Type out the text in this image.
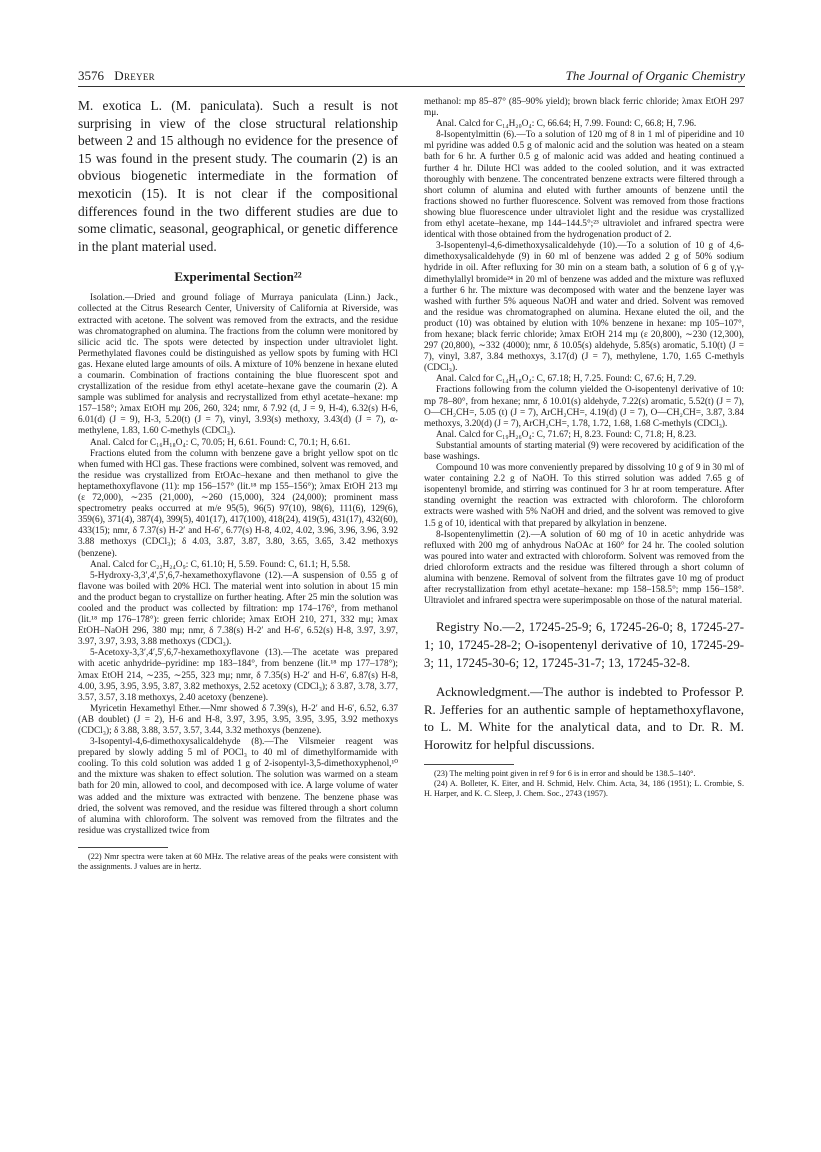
3576 Dreyer	The Journal of Organic Chemistry

M. exotica L. (M. paniculata). Such a result is not surprising in view of the close structural relationship between 2 and 15 although no evidence for the presence of 15 was found in the present study. The coumarin (2) is an obvious biogenetic intermediate in the formation of mexoticin (15). It is not clear if the compositional differences found in the two different studies are due to some climatic, seasonal, geographical, or genetic difference in the plant material used.

Experimental Section²²

Isolation.—Dried and ground foliage of Murraya paniculata (Linn.) Jack., collected at the Citrus Research Center, University of California at Riverside, was extracted with acetone. The solvent was removed from the extracts, and the residue was chromatographed on alumina. The fractions from the column were monitored by silicic acid tlc. The spots were detected by inspection under ultraviolet light. Permethylated flavones could be distinguished as yellow spots by fuming with HCl gas. Hexane eluted large amounts of oils. A mixture of 10% benzene in hexane eluted a coumarin. Combination of fractions containing the blue fluorescent spot and crystallization of the residue from ethyl acetate–hexane gave the coumarin (2). A sample was sublimed for analysis and recrystallized from ethyl acetate–hexane: mp 157–158°; λmax EtOH mμ 206, 260, 324; nmr, δ 7.92 (d, J = 9, H-4), 6.32(s) H-6, 6.01(d) (J = 9), H-3, 5.20(t) (J = 7), vinyl, 3.93(s) methoxy, 3.43(d) (J = 7), α-methylene, 1.83, 1.60 C-methyls (CDCl₃).

Anal. Calcd for C₁₆H₁₈O₄: C, 70.05; H, 6.61. Found: C, 70.1; H, 6.61.

Fractions eluted from the column with benzene gave a bright yellow spot on tlc when fumed with HCl gas. These fractions were combined, solvent was removed, and the residue was crystallized from EtOAc–hexane and then methanol to give the heptamethoxyflavone (11): mp 156–157° (lit.¹⁸ mp 155–156°); λmax EtOH 213 mμ (ε 72,000), ∼235 (21,000), ∼260 (15,000), 324 (24,000); prominent mass spectrometry peaks occurred at m/e 95(5), 96(5) 97(10), 98(6), 111(6), 129(6), 359(6), 371(4), 387(4), 399(5), 401(17), 417(100), 418(24), 419(5), 431(17), 432(60), 433(15); nmr, δ 7.37(s) H-2′ and H-6′, 6.77(s) H-8, 4.02, 4.02, 3.96, 3.96, 3.96, 3.92 3.88 methoxys (CDCl₃); δ 4.03, 3.87, 3.87, 3.80, 3.65, 3.65, 3.42 methoxys (benzene).

Anal. Calcd for C₂₂H₂₄O₉: C, 61.10; H, 5.59. Found: C, 61.1; H, 5.58.

5-Hydroxy-3,3′,4′,5′,6,7-hexamethoxyflavone (12).—A suspension of 0.55 g of flavone was boiled with 20% HCl. The material went into solution in about 15 min and the product began to crystallize on further heating. After 25 min the solution was cooled and the product was collected by filtration: mp 174–176°, from methanol (lit.¹⁸ mp 176–178°): green ferric chloride; λmax EtOH 210, 271, 332 mμ; λmax EtOH–NaOH 296, 380 mμ; nmr, δ 7.38(s) H-2′ and H-6′, 6.52(s) H-8, 3.97, 3.97, 3.97, 3.97, 3.93, 3.88 methoxys (CDCl₃).

5-Acetoxy-3,3′,4′,5′,6,7-hexamethoxyflavone (13).—The acetate was prepared with acetic anhydride–pyridine: mp 183–184°, from benzene (lit.¹⁸ mp 177–178°); λmax EtOH 214, ∼235, ∼255, 323 mμ; nmr, δ 7.35(s) H-2′ and H-6′, 6.87(s) H-8, 4.00, 3.95, 3.95, 3.95, 3.87, 3.82 methoxys, 2.52 acetoxy (CDCl₃); δ 3.87, 3.78, 3.77, 3.57, 3.57, 3.18 methoxys, 2.40 acetoxy (benzene).

Myricetin Hexamethyl Ether.—Nmr showed δ 7.39(s), H-2′ and H-6′, 6.52, 6.37 (AB doublet) (J = 2), H-6 and H-8, 3.97, 3.95, 3.95, 3.95, 3.95, 3.92 methoxys (CDCl₃); δ 3.88, 3.88, 3.57, 3.57, 3.44, 3.32 methoxys (benzene).

3-Isopentyl-4,6-dimethoxysalicaldehyde (8).—The Vilsmeier reagent was prepared by slowly adding 5 ml of POCl₃ to 40 ml of dimethylformamide with cooling. To this cold solution was added 1 g of 2-isopentyl-3,5-dimethoxyphenol,¹⁰ and the mixture was shaken to effect solution. The solution was warmed on a steam bath for 20 min, allowed to cool, and decomposed with ice. A large volume of water was added and the mixture was extracted with benzene. The benzene phase was dried, the solvent was removed, and the residue was filtered through a short column of alumina with chloroform. The solvent was removed from the filtrates and the residue was crystallized twice from

(22) Nmr spectra were taken at 60 MHz. The relative areas of the peaks were consistent with the assignments. J values are in hertz.

methanol: mp 85–87° (85–90% yield); brown black ferric chloride; λmax EtOH 297 mμ.

Anal. Calcd for C₁₄H₂₀O₄: C, 66.64; H, 7.99. Found: C, 66.8; H, 7.96.

8-Isopentylmittin (6).—To a solution of 120 mg of 8 in 1 ml of piperidine and 10 ml pyridine was added 0.5 g of malonic acid and the solution was heated on a steam bath for 6 hr. A further 0.5 g of malonic acid was added and heating continued a further 4 hr. Dilute HCl was added to the cooled solution, and it was extracted thoroughly with benzene. The concentrated benzene extracts were filtered through a short column of alumina and eluted with further amounts of benzene until the fractions showed no further fluorescence. Solvent was removed from those fractions showing blue fluorescence under ultraviolet light and the residue was crystallized from ethyl acetate–hexane, mp 144–144.5°;²³ ultraviolet and infrared spectra were identical with those obtained from the hydrogenation product of 2.

3-Isopentenyl-4,6-dimethoxysalicaldehyde (10).—To a solution of 10 g of 4,6-dimethoxysalicaldehyde (9) in 60 ml of benzene was added 2 g of 50% sodium hydride in oil. After refluxing for 30 min on a steam bath, a solution of 6 g of γ,γ-dimethylallyl bromide²⁴ in 20 ml of benzene was added and the mixture was refluxed a further 6 hr. The mixture was decomposed with water and the benzene layer was washed with further 5% aqueous NaOH and water and dried. Solvent was removed and the residue was chromatographed on alumina. Hexane eluted the oil, and the product (10) was obtained by elution with 10% benzene in hexane: mp 105–107°, from hexane; black ferric chloride; λmax EtOH 214 mμ (ε 20,800), ∼230 (12,300), 297 (20,800), ∼332 (4000); nmr, δ 10.05(s) aldehyde, 5.85(s) aromatic, 5.10(t) (J = 7), vinyl, 3.87, 3.84 methoxys, 3.17(d) (J = 7), methylene, 1.70, 1.65 C-methyls (CDCl₃).

Anal. Calcd for C₁₄H₁₈O₄: C, 67.18; H, 7.25. Found: C, 67.6; H, 7.29.

Fractions following from the column yielded the O-isopentenyl derivative of 10: mp 78–80°, from hexane; nmr, δ 10.01(s) aldehyde, 7.22(s) aromatic, 5.52(t) (J = 7), O—CH₂CH=, 5.05 (t) (J = 7), ArCH₂CH=, 4.19(d) (J = 7), O—CH₂CH=, 3.87, 3.84 methoxys, 3.20(d) (J = 7), ArCH₂CH=, 1.78, 1.72, 1.68, 1.68 C-methyls (CDCl₃).

Anal. Calcd for C₁₉H₂₆O₄: C, 71.67; H, 8.23. Found: C, 71.8; H, 8.23.

Substantial amounts of starting material (9) were recovered by acidification of the base washings.

Compound 10 was more conveniently prepared by dissolving 10 g of 9 in 30 ml of water containing 2.2 g of NaOH. To this stirred solution was added 7.65 g of isopentenyl bromide, and stirring was continued for 3 hr at room temperature. After standing overnight the reaction was extracted with chloroform. The chloroform extracts were washed with 5% NaOH and dried, and the solvent was removed to give 1.5 g of 10, identical with that prepared by alkylation in benzene.

8-Isopentenylimettin (2).—A solution of 60 mg of 10 in acetic anhydride was refluxed with 200 mg of anhydrous NaOAc at 160° for 24 hr. The cooled solution was poured into water and extracted with chloroform. Solvent was removed from the dried chloroform extracts and the residue was filtered through a short column of alumina with benzene. Removal of solvent from the filtrates gave 10 mg of product after recrystallization from ethyl acetate–hexane: mp 158–158.5°; mmp 156–158°. Ultraviolet and infrared spectra were superimposable on those of the natural material.

Registry No.—2, 17245-25-9; 6, 17245-26-0; 8, 17245-27-1; 10, 17245-28-2; O-isopentenyl derivative of 10, 17245-29-3; 11, 17245-30-6; 12, 17245-31-7; 13, 17245-32-8.

Acknowledgment.—The author is indebted to Professor P. R. Jefferies for an authentic sample of heptamethoxyflavone, to L. M. White for the analytical data, and to Dr. R. M. Horowitz for helpful discussions.

(23) The melting point given in ref 9 for 6 is in error and should be 138.5–140°.

(24) A. Bolleter, K. Eiter, and H. Schmid, Helv. Chim. Acta, 34, 186 (1951); L. Crombie, S. H. Harper, and K. C. Sleep, J. Chem. Soc., 2743 (1957).
